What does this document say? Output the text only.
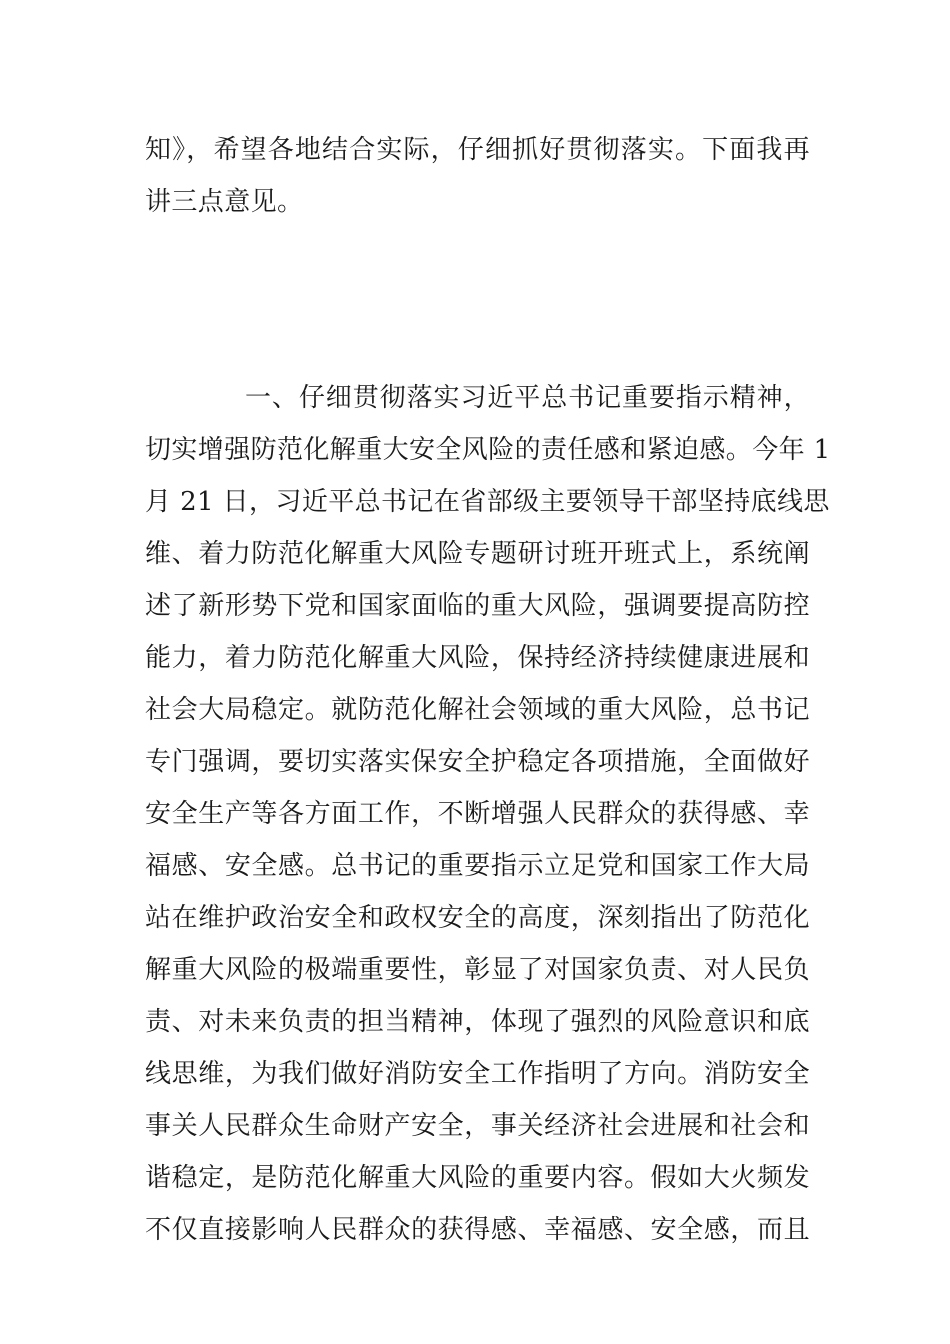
知》，希望各地结合实际，仔细抓好贯彻落实。下面我再
讲三点意见。
一、仔细贯彻落实习近平总书记重要指示精神，
切实增强防范化解重大安全风险的责任感和紧迫感。今年 1
月 21 日，习近平总书记在省部级主要领导干部坚持底线思
维、着力防范化解重大风险专题研讨班开班式上，系统阐
述了新形势下党和国家面临的重大风险，强调要提高防控
能力，着力防范化解重大风险，保持经济持续健康进展和
社会大局稳定。就防范化解社会领域的重大风险，总书记
专门强调，要切实落实保安全护稳定各项措施，全面做好
安全生产等各方面工作，不断增强人民群众的获得感、幸
福感、安全感。总书记的重要指示立足党和国家工作大局
站在维护政治安全和政权安全的高度，深刻指出了防范化
解重大风险的极端重要性，彰显了对国家负责、对人民负
责、对未来负责的担当精神，体现了强烈的风险意识和底
线思维，为我们做好消防安全工作指明了方向。消防安全
事关人民群众生命财产安全，事关经济社会进展和社会和
谐稳定，是防范化解重大风险的重要内容。假如大火频发
不仅直接影响人民群众的获得感、幸福感、安全感，而且
